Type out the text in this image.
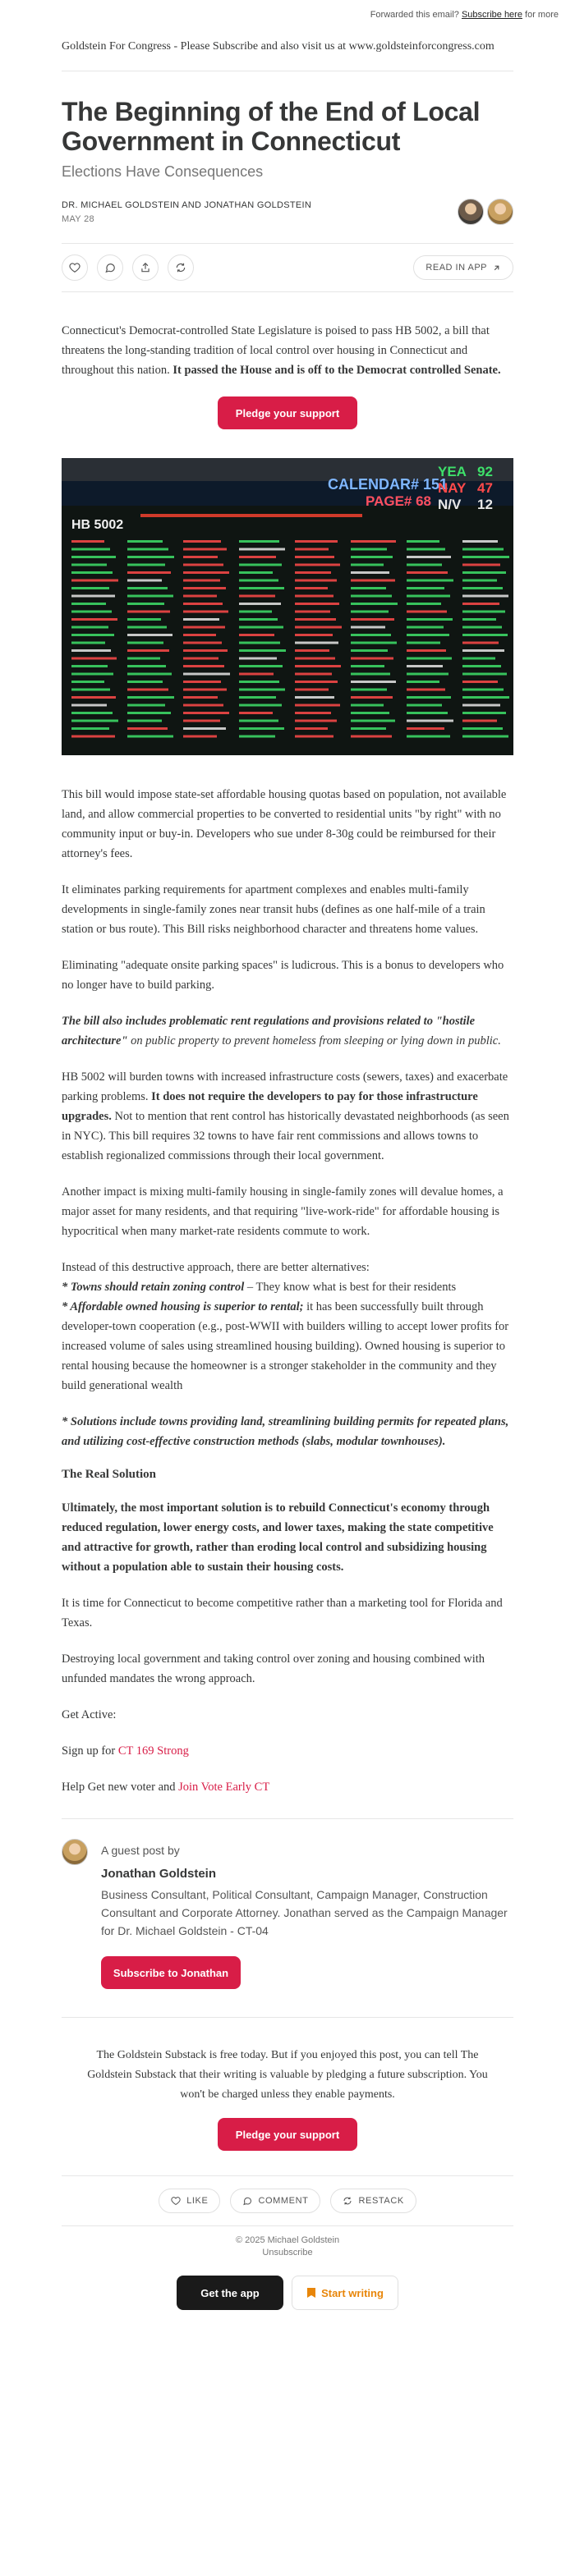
Forwarded this email? Subscribe here for more
Goldstein For Congress - Please Subscribe and also visit us at www.goldsteinforcongress.com
The Beginning of the End of Local Government in Connecticut
Elections Have Consequences
DR. MICHAEL GOLDSTEIN AND JONATHAN GOLDSTEIN
MAY 28
READ IN APP

Connecticut's Democrat-controlled State Legislature is poised to pass HB 5002, a bill that threatens the long-standing tradition of local control over housing in Connecticut and throughout this nation. It passed the House and is off to the Democrat controlled Senate.

Pledge your support
HB 5002
CALENDAR# 151
PAGE# 68
YEA 92
NAY 47
N/V 12

This bill would impose state-set affordable housing quotas based on population, not available land, and allow commercial properties to be converted to residential units "by right" with no community input or buy-in. Developers who sue under 8-30g could be reimbursed for their attorney's fees.

It eliminates parking requirements for apartment complexes and enables multi-family developments in single-family zones near transit hubs (defines as one half-mile of a train station or bus route). This Bill risks neighborhood character and threatens home values.

Eliminating "adequate onsite parking spaces" is ludicrous. This is a bonus to developers who no longer have to build parking.

The bill also includes problematic rent regulations and provisions related to "hostile architecture" on public property to prevent homeless from sleeping or lying down in public.

HB 5002 will burden towns with increased infrastructure costs (sewers, taxes) and exacerbate parking problems. It does not require the developers to pay for those infrastructure upgrades. Not to mention that rent control has historically devastated neighborhoods (as seen in NYC). This bill requires 32 towns to have fair rent commissions and allows towns to establish regionalized commissions through their local government.

Another impact is mixing multi-family housing in single-family zones will devalue homes, a major asset for many residents, and that requiring "live-work-ride" for affordable housing is hypocritical when many market-rate residents commute to work.

Instead of this destructive approach, there are better alternatives:
* Towns should retain zoning control – They know what is best for their residents
* Affordable owned housing is superior to rental; it has been successfully built through developer-town cooperation (e.g., post-WWII with builders willing to accept lower profits for increased volume of sales using streamlined housing building). Owned housing is superior to rental housing because the homeowner is a stronger stakeholder in the community and they build generational wealth

* Solutions include towns providing land, streamlining building permits for repeated plans, and utilizing cost-effective construction methods (slabs, modular townhouses).

The Real Solution

Ultimately, the most important solution is to rebuild Connecticut's economy through reduced regulation, lower energy costs, and lower taxes, making the state competitive and attractive for growth, rather than eroding local control and subsidizing housing without a population able to sustain their housing costs.

It is time for Connecticut to become competitive rather than a marketing tool for Florida and Texas.

Destroying local government and taking control over zoning and housing combined with unfunded mandates the wrong approach.

Get Active:

Sign up for CT 169 Strong

Help Get new voter and Join Vote Early CT

A guest post by
Jonathan Goldstein
Business Consultant, Political Consultant, Campaign Manager, Construction Consultant and Corporate Attorney. Jonathan served as the Campaign Manager for Dr. Michael Goldstein - CT-04
Subscribe to Jonathan
The Goldstein Substack is free today. But if you enjoyed this post, you can tell The Goldstein Substack that their writing is valuable by pledging a future subscription. You won't be charged unless they enable payments.
Pledge your support
LIKE	COMMENT	RESTACK
© 2025 Michael Goldstein
Unsubscribe
Get the app	Start writing
